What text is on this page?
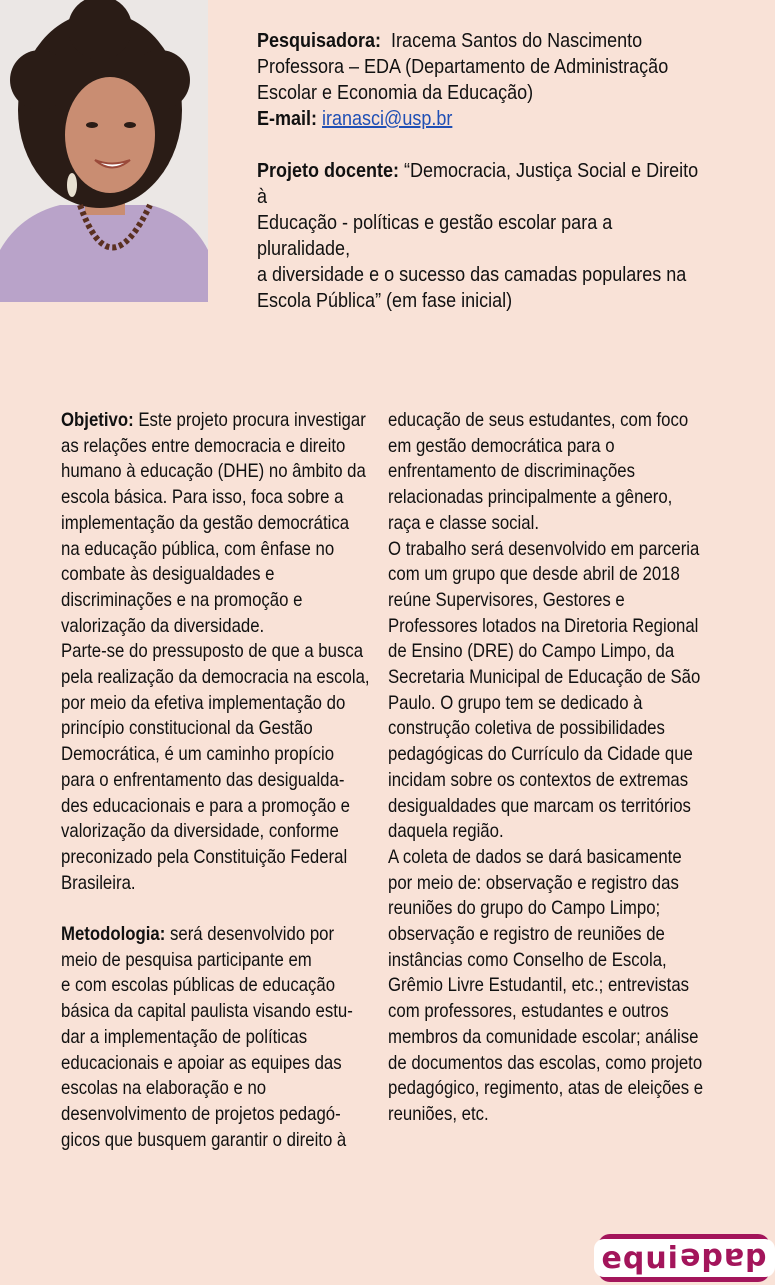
Pesquisadora: Iracema Santos do Nascimento

Professora – EDA (Departamento de Administração

Escolar e Economia da Educação)

E-mail: iranasci@usp.br

Projeto docente: “Democracia, Justiça Social e Direito à

Educação - políticas e gestão escolar para a pluralidade,

a diversidade e o sucesso das camadas populares na

Escola Pública” (em fase inicial)

Objetivo: Este projeto procura investigar

as relações entre democracia e direito

humano à educação (DHE) no âmbito da

escola básica. Para isso, foca sobre a

implementação da gestão democrática

na educação pública, com ênfase no

combate às desigualdades e

discriminações e na promoção e

valorização da diversidade.

Parte-se do pressuposto de que a busca

pela realização da democracia na escola,

por meio da efetiva implementação do

princípio constitucional da Gestão

Democrática, é um caminho propício

para o enfrentamento das desigualda-

des educacionais e para a promoção e

valorização da diversidade, conforme

preconizado pela Constituição Federal

Brasileira.

Metodologia: será desenvolvido por

meio de pesquisa participante em

e com escolas públicas de educação

básica da capital paulista visando estu-

dar a implementação de políticas

educacionais e apoiar as equipes das

escolas na elaboração e no

desenvolvimento de projetos pedagó-

gicos que busquem garantir o direito à

educação de seus estudantes, com foco

em gestão democrática para o

enfrentamento de discriminações

relacionadas principalmente a gênero,

raça e classe social.

O trabalho será desenvolvido em parceria

com um grupo que desde abril de 2018

reúne Supervisores, Gestores e

Professores lotados na Diretoria Regional

de Ensino (DRE) do Campo Limpo, da

Secretaria Municipal de Educação de São

Paulo. O grupo tem se dedicado à

construção coletiva de possibilidades

pedagógicas do Currículo da Cidade que

incidam sobre os contextos de extremas

desigualdades que marcam os territórios

daquela região.

A coleta de dados se dará basicamente

por meio de: observação e registro das

reuniões do grupo do Campo Limpo;

observação e registro de reuniões de

instâncias como Conselho de Escola,

Grêmio Livre Estudantil, etc.; entrevistas

com professores, estudantes e outros

membros da comunidade escolar; análise

de documentos das escolas, como projeto

pedagógico, regimento, atas de eleições e

reuniões, etc.

equi dade
